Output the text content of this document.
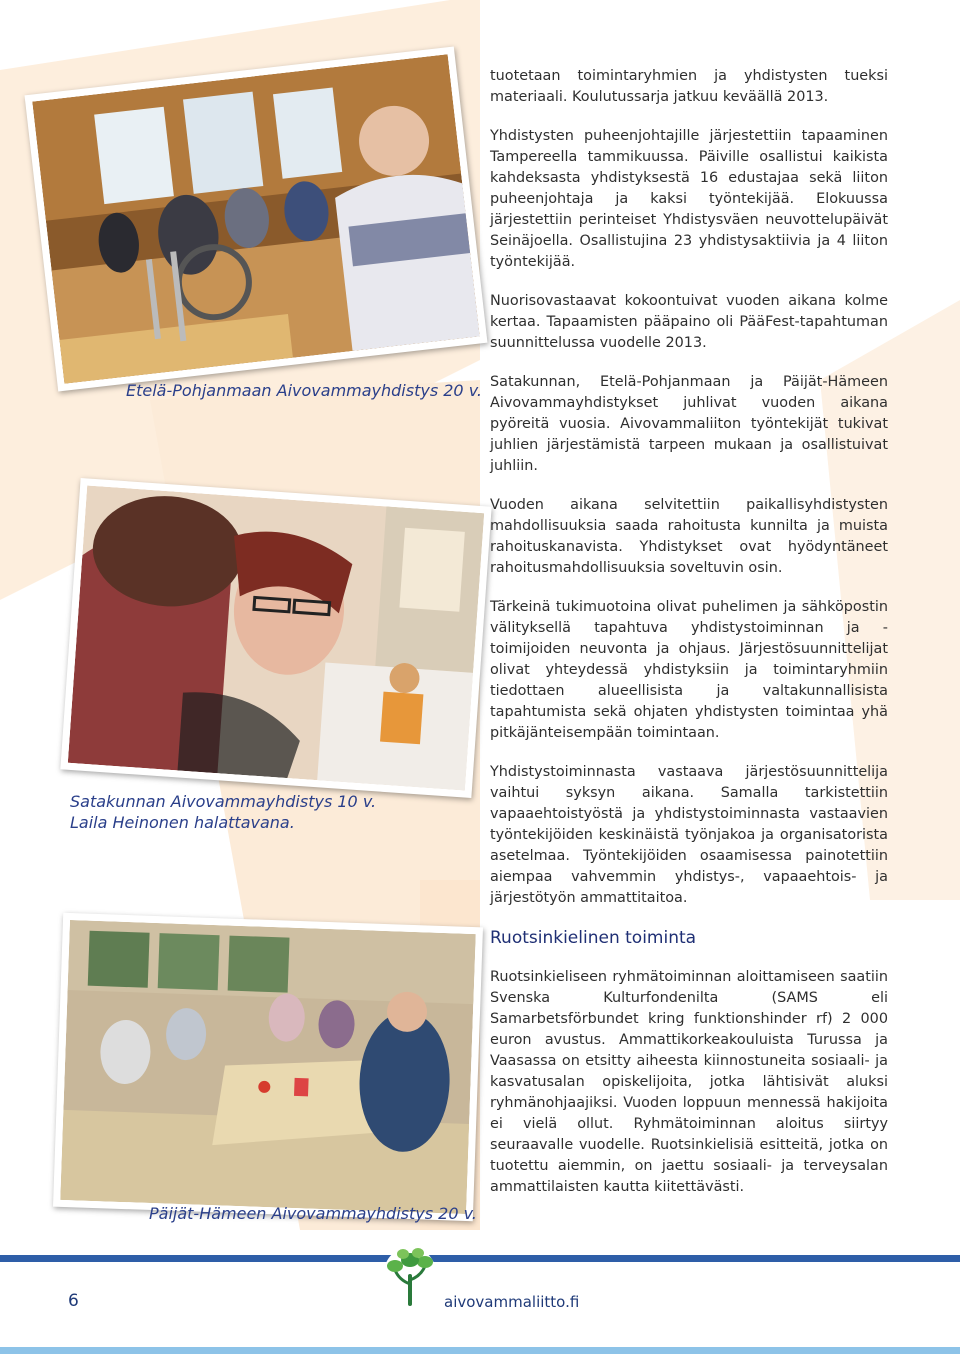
Etelä-Pohjanmaan Aivovammayhdistys 20 v.
Satakunnan Aivovammayhdistys 10 v.
Laila Heinonen halattavana.
Päijät-Hämeen Aivovammayhdistys 20 v.

tuotetaan toimintaryhmien ja yhdistysten tueksi materiaali. Koulutussarja jatkuu keväällä 2013.

Yhdistysten puheenjohtajille järjestettiin tapaaminen Tampereella tammikuussa. Päiville osallistui kaikista kahdeksasta yhdistyksestä 16 edustajaa sekä liiton puheenjohtaja ja kaksi työntekijää. Elokuussa järjestettiin perinteiset Yhdistysväen neuvottelupäivät Seinäjoella. Osallistujina 23 yhdistysaktiivia ja 4 liiton työntekijää.

Nuorisovastaavat kokoontuivat vuoden aikana kolme kertaa. Tapaamisten pääpaino oli PääFest-tapahtuman suunnittelussa vuodelle 2013.

Satakunnan, Etelä-Pohjanmaan ja Päijät-Hämeen Aivovammayhdistykset juhlivat vuoden aikana pyöreitä vuosia. Aivovammaliiton työntekijät tukivat juhlien järjestämistä tarpeen mukaan ja osallistuivat juhliin.

Vuoden aikana selvitettiin paikallisyhdistysten mahdollisuuksia saada rahoitusta kunnilta ja muista rahoituskanavista. Yhdistykset ovat hyödyntäneet rahoitusmahdollisuuksia soveltuvin osin.

Tärkeinä tukimuotoina olivat puhelimen ja sähköpostin välityksellä tapahtuva yhdistystoiminnan ja -toimijoiden neuvonta ja ohjaus. Järjestösuunnittelijat olivat yhteydessä yhdistyksiin ja toimintaryhmiin tiedottaen alueellisista ja valtakunnallisista tapahtumista sekä ohjaten yhdistysten toimintaa yhä pitkäjänteisempään toimintaan.

Yhdistystoiminnasta vastaava järjestösuunnittelija vaihtui syksyn aikana. Samalla tarkistettiin vapaaehtoistyöstä ja yhdistystoiminnasta vastaavien työntekijöiden keskinäistä työnjakoa ja organisatorista asetelmaa. Työntekijöiden osaamisessa painotettiin aiempaa vahvemmin yhdistys-, vapaaehtois- ja järjestötyön ammattitaitoa.

Ruotsinkielinen toiminta

Ruotsinkieliseen ryhmätoiminnan aloittamiseen saatiin Svenska Kulturfondenilta (SAMS eli Samarbetsförbundet kring funktionshinder rf) 2 000 euron avustus. Ammattikorkeakouluista Turussa ja Vaasassa on etsitty aiheesta kiinnostuneita sosiaali- ja kasvatusalan opiskelijoita, jotka lähtisivät aluksi ryhmänohjaajiksi. Vuoden loppuun mennessä hakijoita ei vielä ollut. Ryhmätoiminnan aloitus siirtyy seuraavalle vuodelle. Ruotsinkielisiä esitteitä, jotka on tuotettu aiemmin, on jaettu sosiaali- ja terveysalan ammattilaisten kautta kiitettävästi.

6	aivovammaliitto.fi
